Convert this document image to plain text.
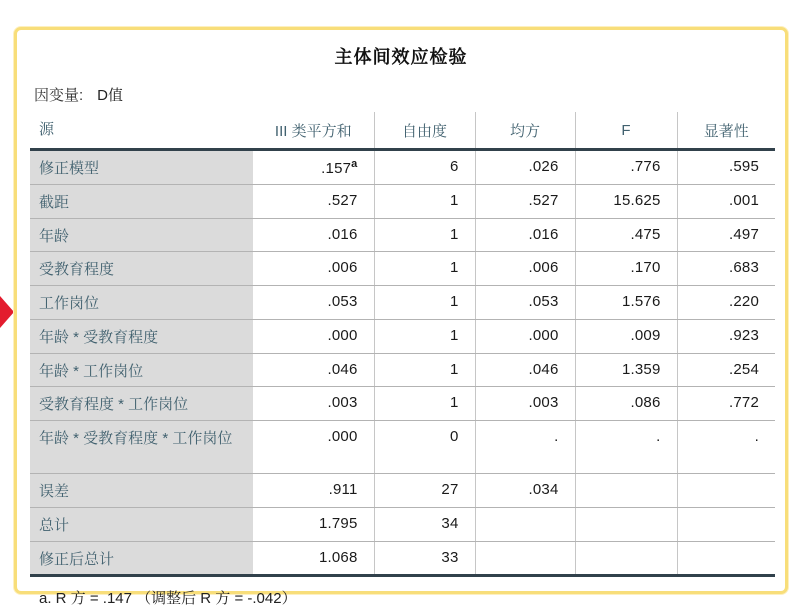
主体间效应检验
因变量: D值
源	III 类平方和	自由度	均方	F	显著性
修正模型	.157$^a$	6	.026	.776	.595
截距	.527	1	.527	15.625	.001
年龄	.016	1	.016	.475	.497
受教育程度	.006	1	.006	.170	.683
工作岗位	.053	1	.053	1.576	.220
年龄 * 受教育程度	.000	1	.000	.009	.923
年龄 * 工作岗位	.046	1	.046	1.359	.254
受教育程度 * 工作岗位	.003	1	.003	.086	.772
年龄 * 受教育程度 * 工作岗位	.000	0	.	.	.
误差	.911	27	.034		
总计	1.795	34			
修正后总计	1.068	33			
a. R 方 = .147 （调整后 R 方 = -.042）
